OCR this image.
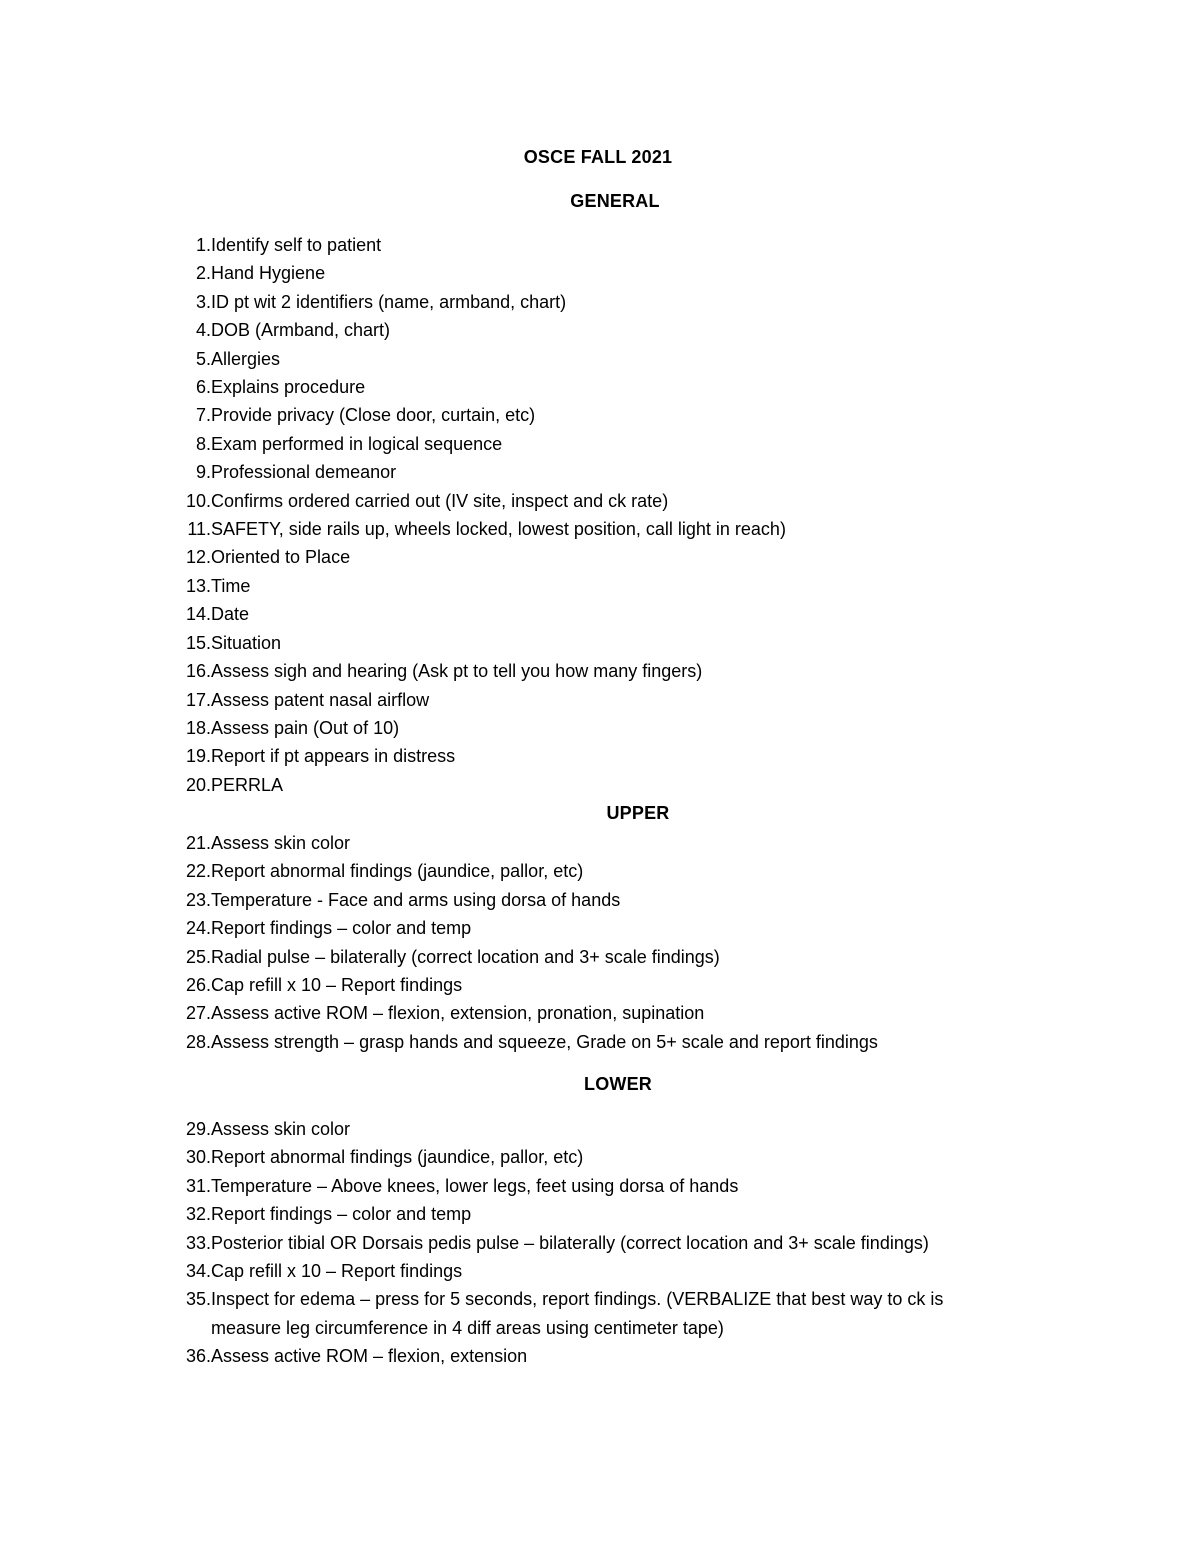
OSCE FALL 2021
GENERAL
1. Identify self to patient
2. Hand Hygiene
3. ID pt wit 2 identifiers (name, armband, chart)
4. DOB (Armband, chart)
5. Allergies
6. Explains procedure
7. Provide privacy (Close door, curtain, etc)
8. Exam performed in logical sequence
9. Professional demeanor
10. Confirms ordered carried out (IV site, inspect and ck rate)
11. SAFETY, side rails up, wheels locked, lowest position, call light in reach)
12. Oriented to Place
13. Time
14. Date
15. Situation
16. Assess sigh and hearing (Ask pt to tell you how many fingers)
17. Assess patent nasal airflow
18. Assess pain (Out of 10)
19. Report if pt appears in distress
20. PERRLA
UPPER
21. Assess skin color
22. Report abnormal findings (jaundice, pallor, etc)
23. Temperature - Face and arms using dorsa of hands
24. Report findings – color and temp
25. Radial pulse – bilaterally (correct location and 3+ scale findings)
26. Cap refill x 10 – Report findings
27. Assess active ROM – flexion, extension, pronation, supination
28. Assess strength – grasp hands and squeeze, Grade on 5+ scale and report findings
LOWER
29. Assess skin color
30. Report abnormal findings (jaundice, pallor, etc)
31. Temperature – Above knees, lower legs, feet using dorsa of hands
32. Report findings – color and temp
33. Posterior tibial OR Dorsais pedis pulse – bilaterally (correct location and 3+ scale findings)
34. Cap refill x 10 – Report findings
35. Inspect for edema – press for 5 seconds, report findings. (VERBALIZE that best way to ck is measure leg circumference in 4 diff areas using centimeter tape)
36. Assess active ROM – flexion, extension
